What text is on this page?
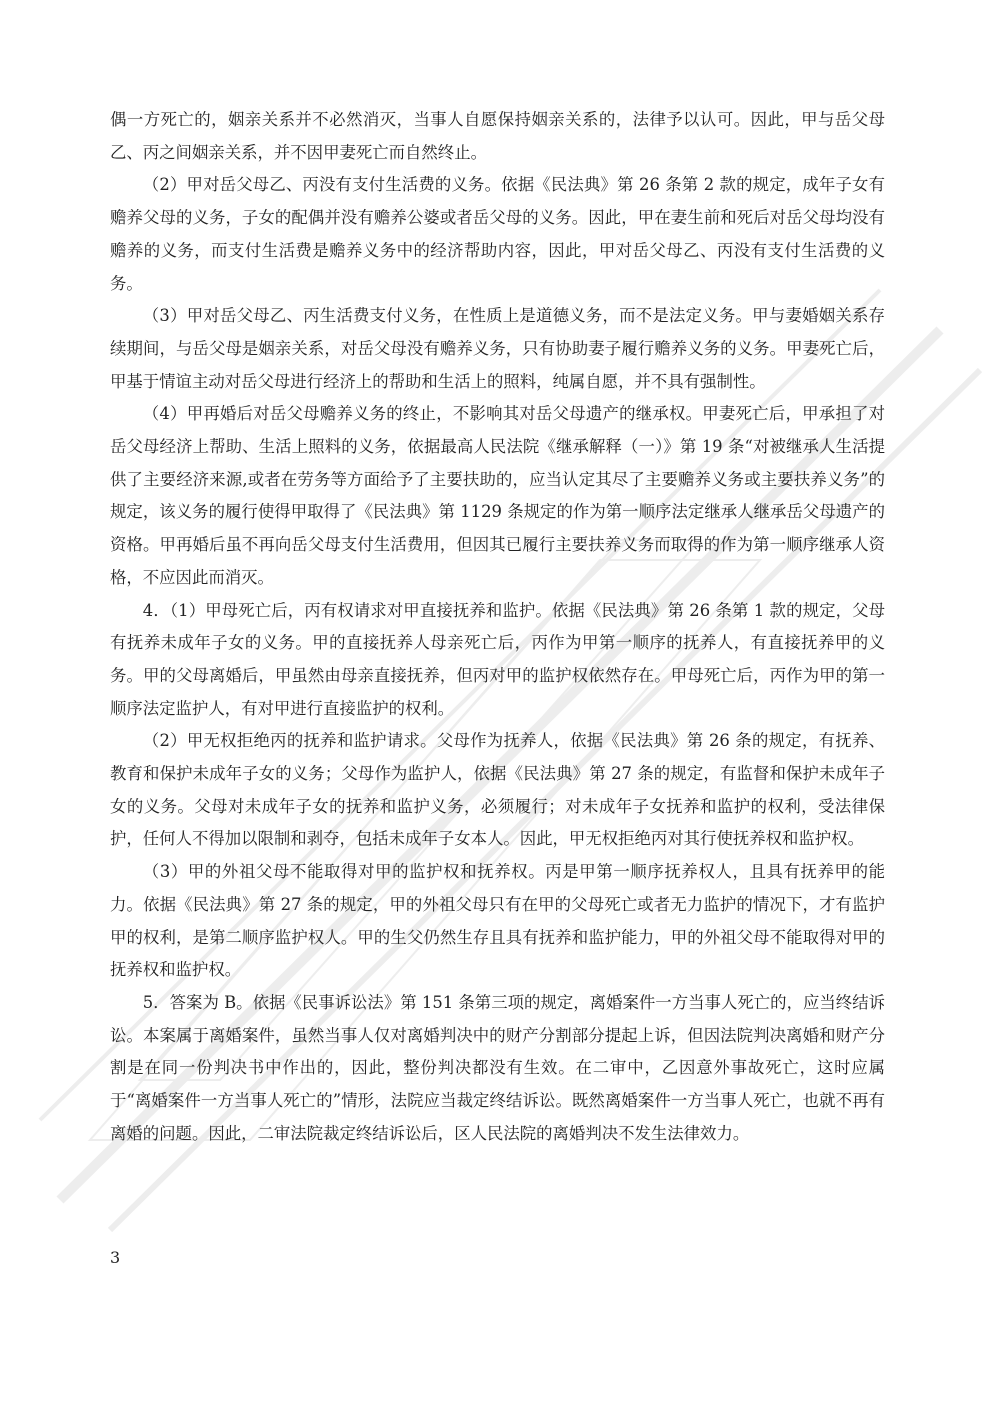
偶一方死亡的，姻亲关系并不必然消灭，当事人自愿保持姻亲关系的，法律予以认可。因此，甲与岳父母乙、丙之间姻亲关系，并不因甲妻死亡而自然终止。

（2）甲对岳父母乙、丙没有支付生活费的义务。依据《民法典》第 26 条第 2 款的规定，成年子女有赡养父母的义务，子女的配偶并没有赡养公婆或者岳父母的义务。因此，甲在妻生前和死后对岳父母均没有赡养的义务，而支付生活费是赡养义务中的经济帮助内容，因此，甲对岳父母乙、丙没有支付生活费的义务。

（3）甲对岳父母乙、丙生活费支付义务，在性质上是道德义务，而不是法定义务。甲与妻婚姻关系存续期间，与岳父母是姻亲关系，对岳父母没有赡养义务，只有协助妻子履行赡养义务的义务。甲妻死亡后，甲基于情谊主动对岳父母进行经济上的帮助和生活上的照料，纯属自愿，并不具有强制性。

（4）甲再婚后对岳父母赡养义务的终止，不影响其对岳父母遗产的继承权。甲妻死亡后，甲承担了对岳父母经济上帮助、生活上照料的义务，依据最高人民法院《继承解释（一）》第 19 条“对被继承人生活提供了主要经济来源,或者在劳务等方面给予了主要扶助的，应当认定其尽了主要赡养义务或主要扶养义务”的规定，该义务的履行使得甲取得了《民法典》第 1129 条规定的作为第一顺序法定继承人继承岳父母遗产的资格。甲再婚后虽不再向岳父母支付生活费用，但因其已履行主要扶养义务而取得的作为第一顺序继承人资格，不应因此而消灭。

4．（1）甲母死亡后，丙有权请求对甲直接抚养和监护。依据《民法典》第 26 条第 1 款的规定，父母有抚养未成年子女的义务。甲的直接抚养人母亲死亡后，丙作为甲第一顺序的抚养人，有直接抚养甲的义务。甲的父母离婚后，甲虽然由母亲直接抚养，但丙对甲的监护权依然存在。甲母死亡后，丙作为甲的第一顺序法定监护人，有对甲进行直接监护的权利。

（2）甲无权拒绝丙的抚养和监护请求。父母作为抚养人，依据《民法典》第 26 条的规定，有抚养、教育和保护未成年子女的义务；父母作为监护人，依据《民法典》第 27 条的规定，有监督和保护未成年子女的义务。父母对未成年子女的抚养和监护义务，必须履行；对未成年子女抚养和监护的权利，受法律保护，任何人不得加以限制和剥夺，包括未成年子女本人。因此，甲无权拒绝丙对其行使抚养权和监护权。

（3）甲的外祖父母不能取得对甲的监护权和抚养权。丙是甲第一顺序抚养权人，且具有抚养甲的能力。依据《民法典》第 27 条的规定，甲的外祖父母只有在甲的父母死亡或者无力监护的情况下，才有监护甲的权利，是第二顺序监护权人。甲的生父仍然生存且具有抚养和监护能力，甲的外祖父母不能取得对甲的抚养权和监护权。

5．答案为 B。依据《民事诉讼法》第 151 条第三项的规定，离婚案件一方当事人死亡的，应当终结诉讼。本案属于离婚案件，虽然当事人仅对离婚判决中的财产分割部分提起上诉，但因法院判决离婚和财产分割是在同一份判决书中作出的，因此，整份判决都没有生效。在二审中，乙因意外事故死亡，这时应属于“离婚案件一方当事人死亡的”情形，法院应当裁定终结诉讼。既然离婚案件一方当事人死亡，也就不再有离婚的问题。因此，二审法院裁定终结诉讼后，区人民法院的离婚判决不发生法律效力。

3
